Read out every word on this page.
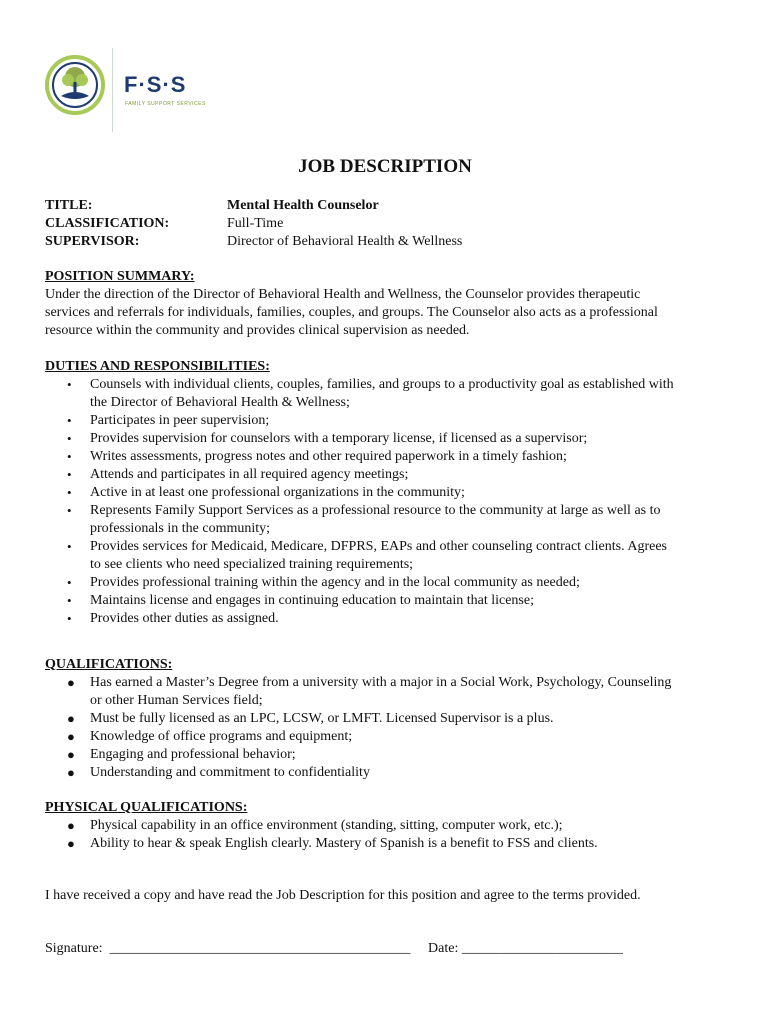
F·S·S
FAMILY SUPPORT SERVICES
JOB DESCRIPTION
TITLE:	Mental Health Counselor
CLASSIFICATION:	Full-Time
SUPERVISOR:	Director of Behavioral Health & Wellness
POSITION SUMMARY:
Under the direction of the Director of Behavioral Health and Wellness, the Counselor provides therapeutic
services and referrals for individuals, families, couples, and groups. The Counselor also acts as a professional
resource within the community and provides clinical supervision as needed.
DUTIES AND RESPONSIBILITIES:
• Counsels with individual clients, couples, families, and groups to a productivity goal as established with
the Director of Behavioral Health & Wellness;
• Participates in peer supervision;
• Provides supervision for counselors with a temporary license, if licensed as a supervisor;
• Writes assessments, progress notes and other required paperwork in a timely fashion;
• Attends and participates in all required agency meetings;
• Active in at least one professional organizations in the community;
• Represents Family Support Services as a professional resource to the community at large as well as to
professionals in the community;
• Provides services for Medicaid, Medicare, DFPRS, EAPs and other counseling contract clients. Agrees
to see clients who need specialized training requirements;
• Provides professional training within the agency and in the local community as needed;
• Maintains license and engages in continuing education to maintain that license;
• Provides other duties as assigned.
QUALIFICATIONS:
● Has earned a Master’s Degree from a university with a major in a Social Work, Psychology, Counseling
or other Human Services field;
● Must be fully licensed as an LPC, LCSW, or LMFT. Licensed Supervisor is a plus.
● Knowledge of office programs and equipment;
● Engaging and professional behavior;
● Understanding and commitment to confidentiality
PHYSICAL QUALIFICATIONS:
● Physical capability in an office environment (standing, sitting, computer work, etc.);
● Ability to hear & speak English clearly. Mastery of Spanish is a benefit to FSS and clients.
I have received a copy and have read the Job Description for this position and agree to the terms provided.
Signature:  ___________________________________________     Date: _______________________
